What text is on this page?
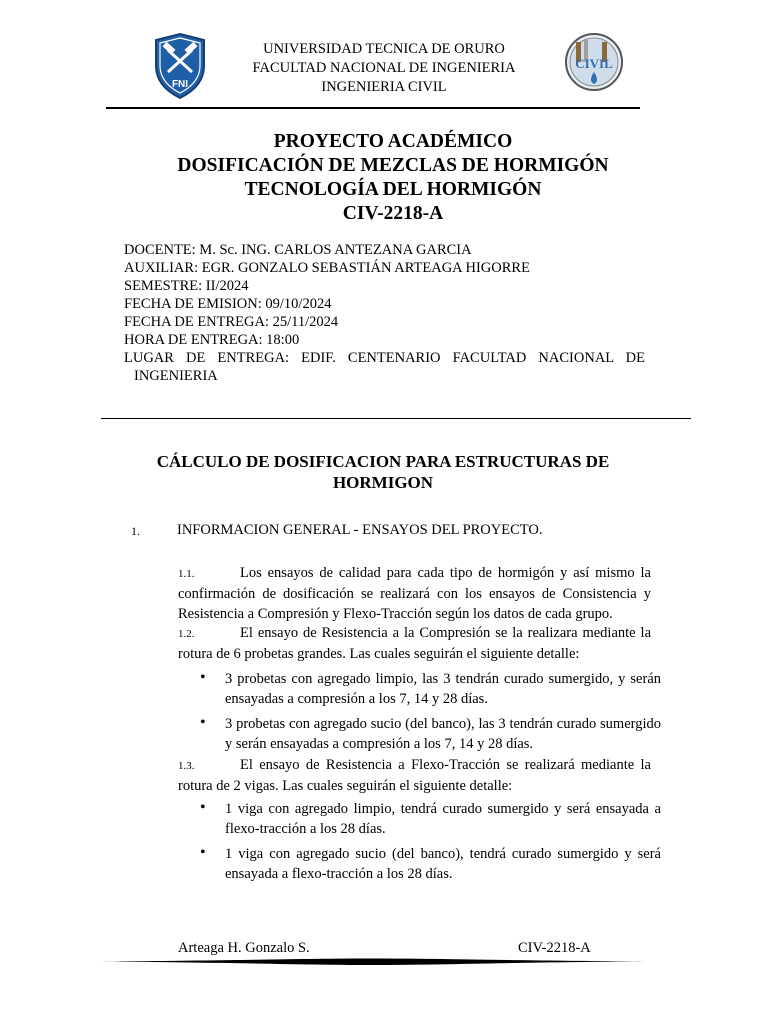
FNI
UNIVERSIDAD TECNICA DE ORURO
FACULTAD NACIONAL DE INGENIERIA
INGENIERIA CIVIL
CIVIL
PROYECTO ACADÉMICO
DOSIFICACIÓN DE MEZCLAS DE HORMIGÓN
TECNOLOGÍA DEL HORMIGÓN
CIV-2218-A
DOCENTE: M. Sc. ING. CARLOS ANTEZANA GARCIA
AUXILIAR: EGR. GONZALO SEBASTIÁN ARTEAGA HIGORRE
SEMESTRE: II/2024
FECHA DE EMISION: 09/10/2024
FECHA DE ENTREGA: 25/11/2024
HORA DE ENTREGA: 18:00
LUGAR DE ENTREGA: EDIF. CENTENARIO FACULTAD NACIONAL DE
INGENIERIA
CÁLCULO DE DOSIFICACION PARA ESTRUCTURAS DE
HORMIGON
1.	INFORMACION GENERAL - ENSAYOS DEL PROYECTO.
1.1.	Los ensayos de calidad para cada tipo de hormigón y así mismo la confirmación de dosificación se realizará con los ensayos de Consistencia y Resistencia a Compresión y Flexo-Tracción según los datos de cada grupo.
1.2.	El ensayo de Resistencia a la Compresión se la realizara mediante la rotura de 6 probetas grandes. Las cuales seguirán el siguiente detalle:
• 3 probetas con agregado limpio, las 3 tendrán curado sumergido, y serán ensayadas a compresión a los 7, 14 y 28 días.
• 3 probetas con agregado sucio (del banco), las 3 tendrán curado sumergido y serán ensayadas a compresión a los 7, 14 y 28 días.
1.3.	El ensayo de Resistencia a Flexo-Tracción se realizará mediante la rotura de 2 vigas. Las cuales seguirán el siguiente detalle:
• 1 viga con agregado limpio, tendrá curado sumergido y será ensayada a flexo-tracción a los 28 días.
• 1 viga con agregado sucio (del banco), tendrá curado sumergido y será ensayada a flexo-tracción a los 28 días.
Arteaga H. Gonzalo S.	CIV-2218-A
